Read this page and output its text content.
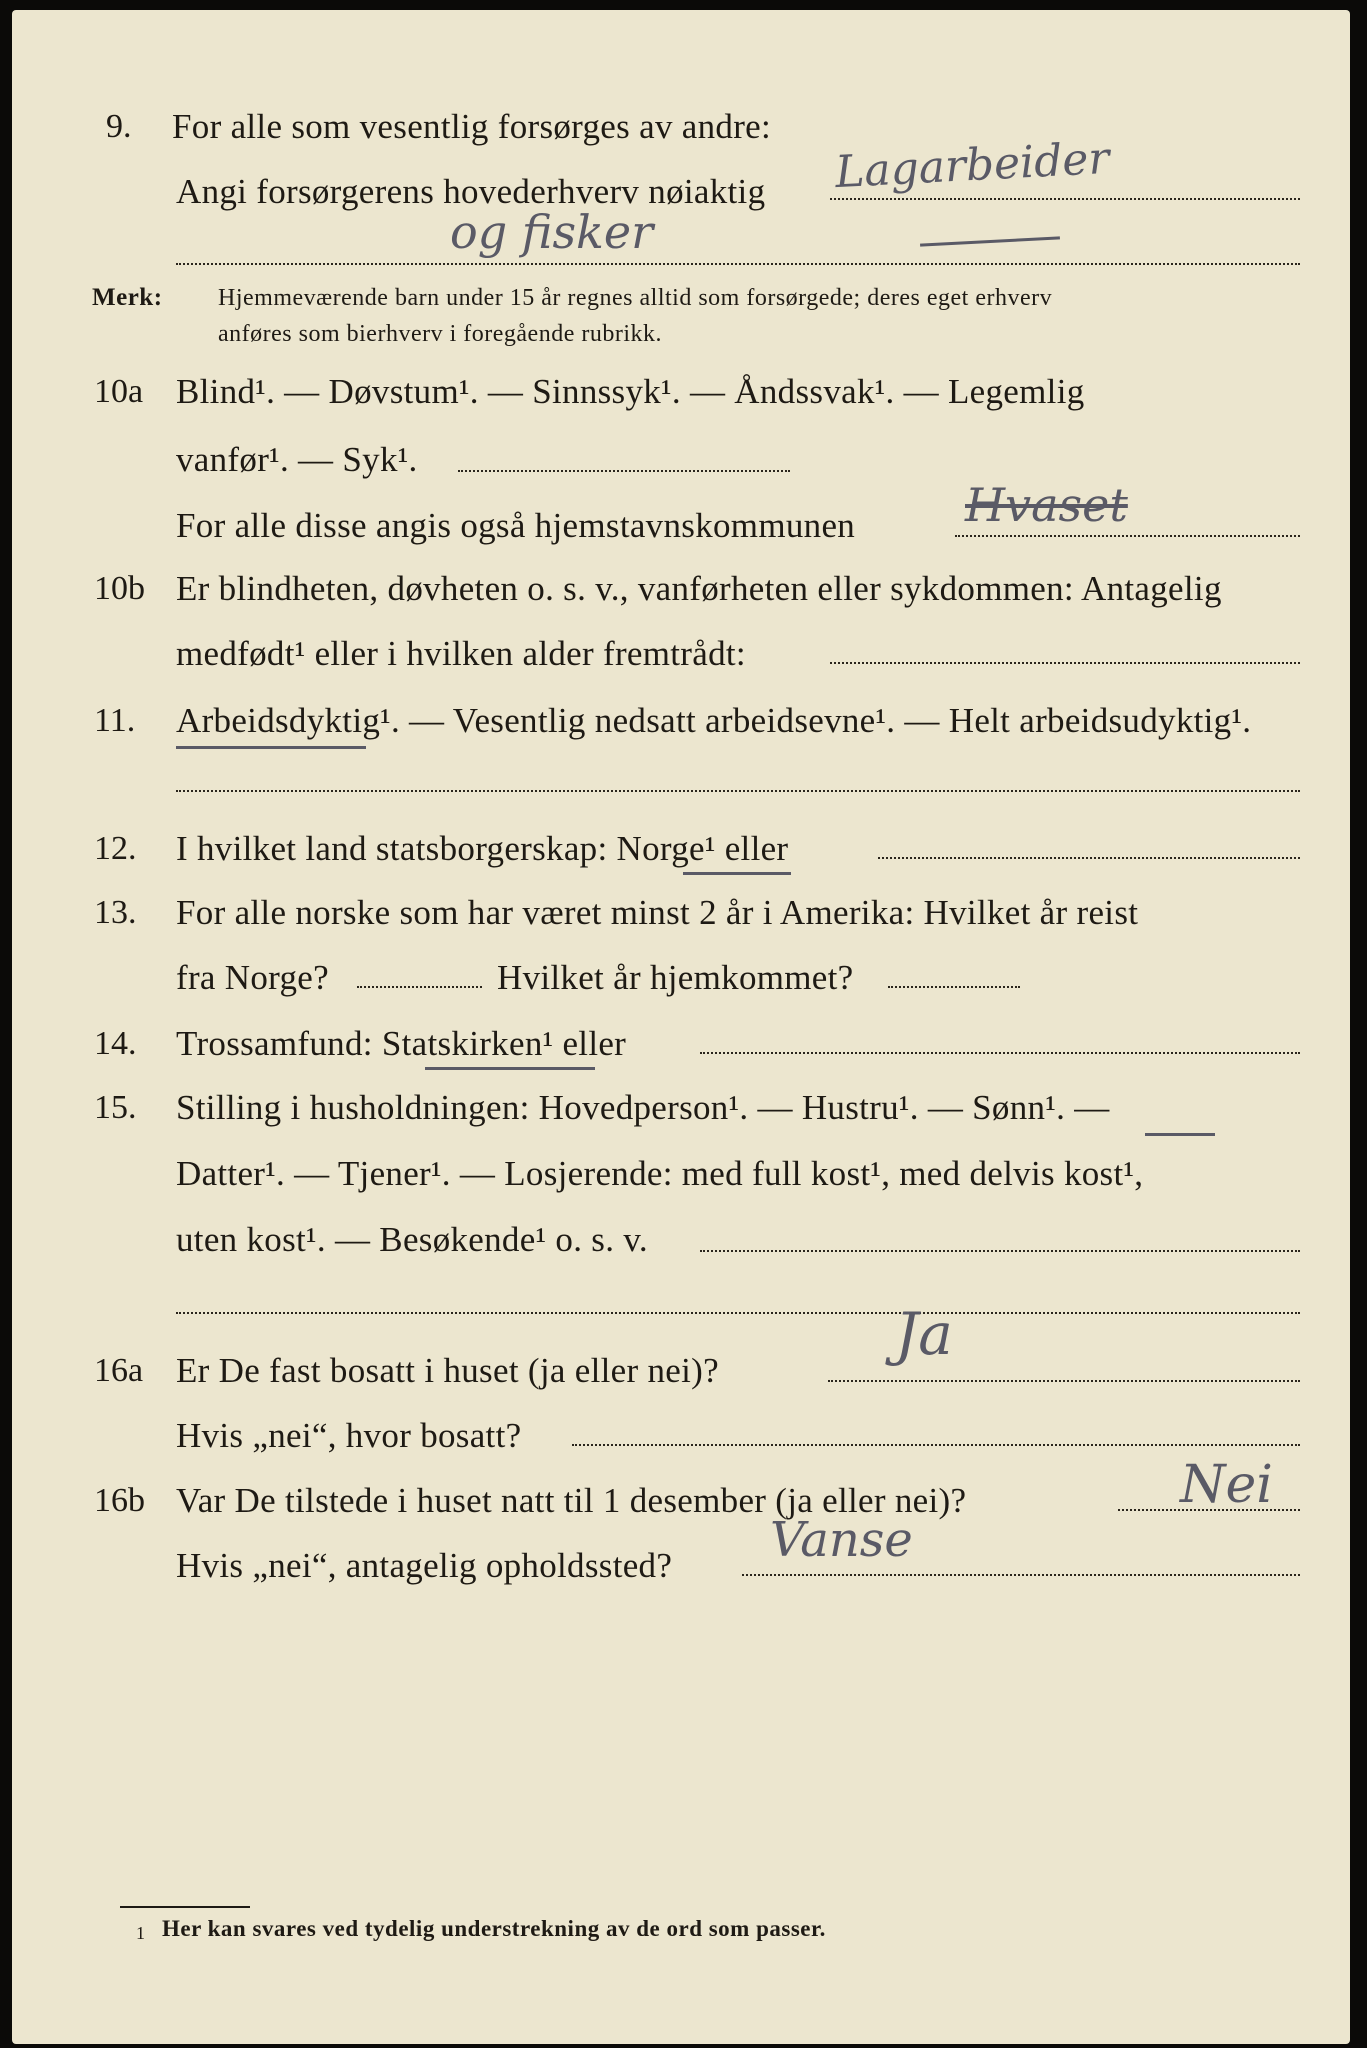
9. For alle som vesentlig forsørges av andre:
Lagarbeider
Angi forsørgerens hovederhverv nøiaktig
og fisker
Merk: Hjemmeværende barn under 15 år regnes alltid som forsørgede; deres eget erhverv
anføres som bierhverv i foregående rubrikk.
10a Blind¹. — Døvstum¹. — Sinnssyk¹. — Åndssvak¹. — Legemlig
vanfør¹. — Syk¹.
For alle disse angis også hjemstavnskommunen Hvaset
10b Er blindheten, døvheten o. s. v., vanførheten eller sykdommen: Antagelig
medfødt¹ eller i hvilken alder fremtrådt:
11. Arbeidsdyktig¹. — Vesentlig nedsatt arbeidsevne¹. — Helt arbeidsudyktig¹.
12. I hvilket land statsborgerskap: Norge¹ eller
13. For alle norske som har været minst 2 år i Amerika: Hvilket år reist
fra Norge?	Hvilket år hjemkommet?
14. Trossamfund: Statskirken¹ eller
15. Stilling i husholdningen: Hovedperson¹. — Hustru¹. — Sønn¹. —
Datter¹. — Tjener¹. — Losjerende: med full kost¹, med delvis kost¹,
uten kost¹. — Besøkende¹ o. s. v.
16a Er De fast bosatt i huset (ja eller nei)?
Ja
Hvis „nei“, hvor bosatt?
16b Var De tilstede i huset natt til 1 desember (ja eller nei)?	Nei
Hvis „nei“, antagelig opholdssted? Vanse
1 Her kan svares ved tydelig understrekning av de ord som passer.
